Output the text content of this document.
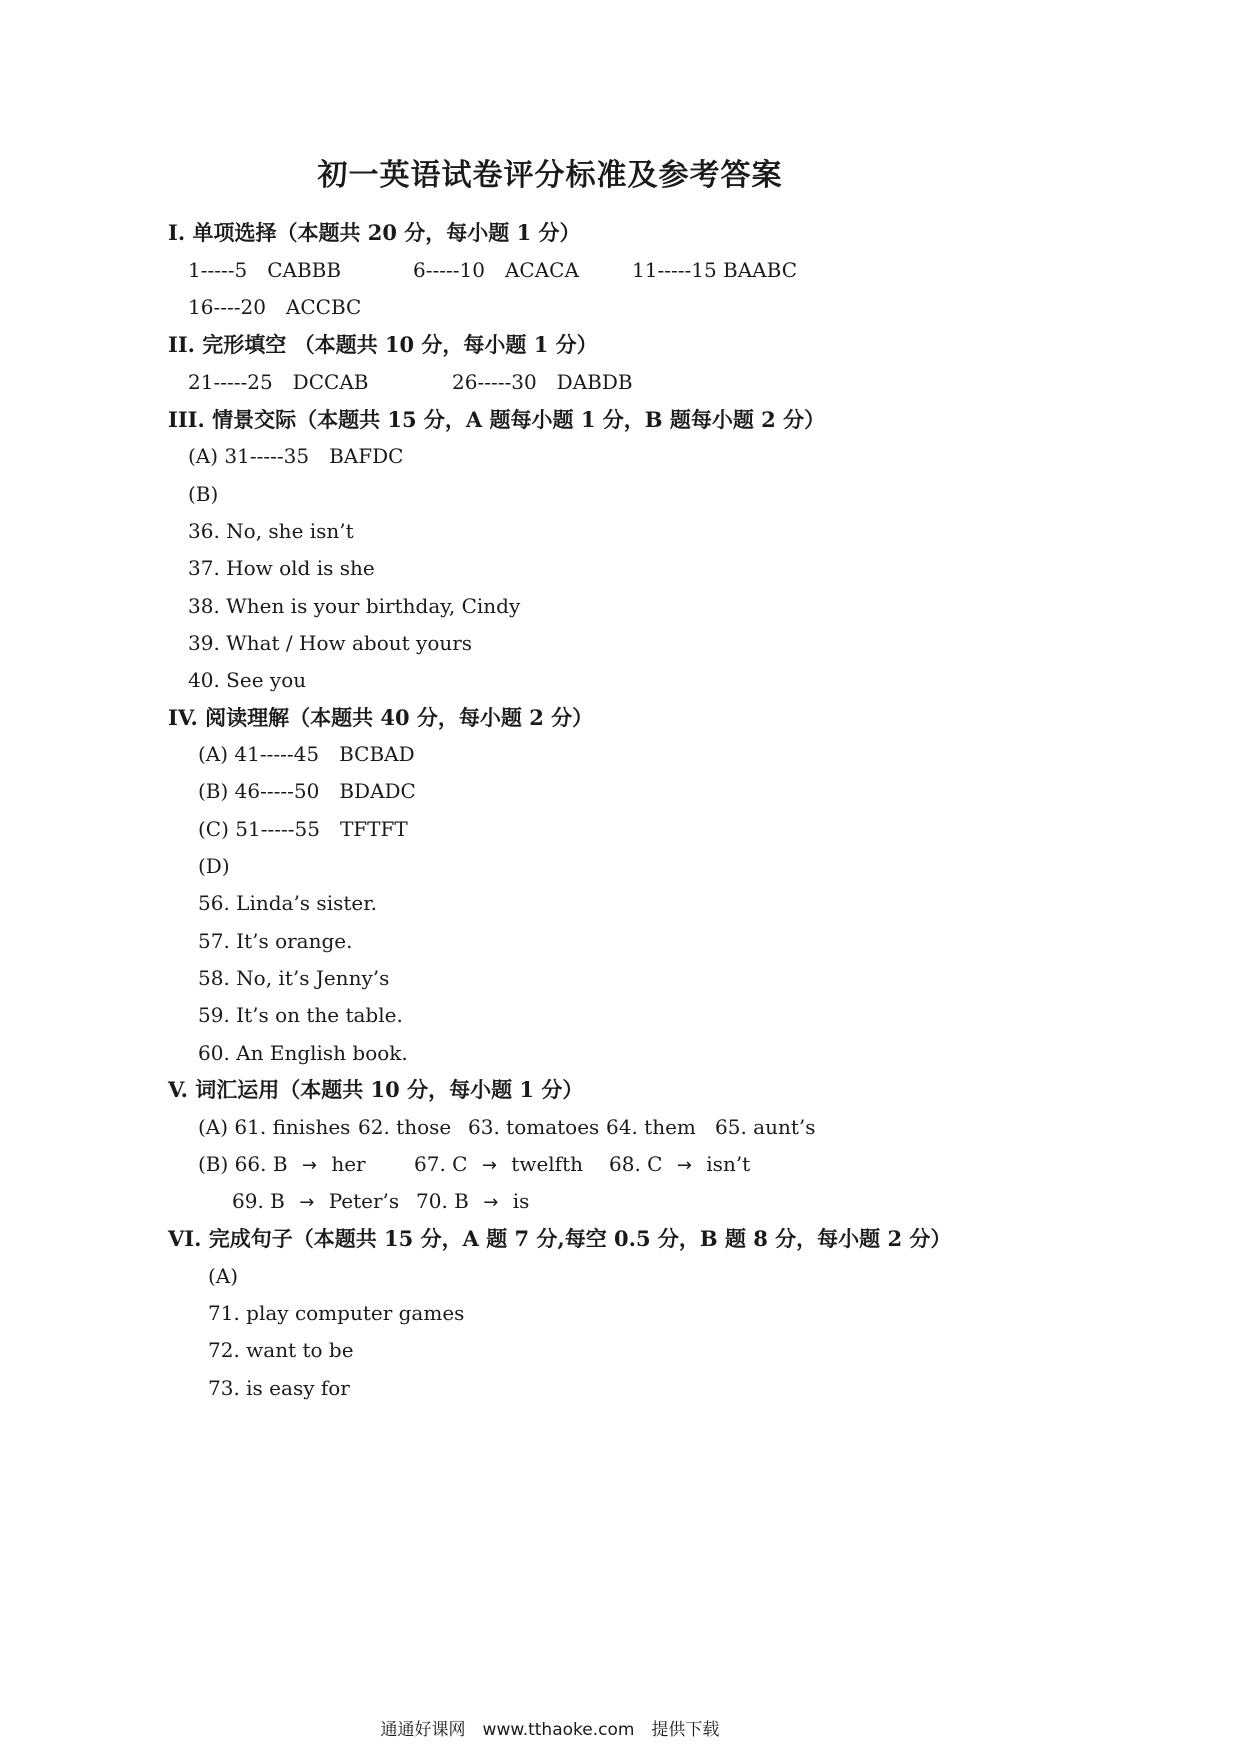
初一英语试卷评分标准及参考答案
I. 单项选择（本题共 20 分，每小题 1 分）
1-----5　CABBB	6-----10　ACACA	11-----15 BAABC
16----20　ACCBC
II. 完形填空 （本题共 10 分，每小题 1 分）
21-----25　DCCAB	26-----30　DABDB
III. 情景交际（本题共 15 分，A 题每小题 1 分，B 题每小题 2 分）
(A) 31-----35　BAFDC
(B)
36. No, she isn’t
37. How old is she
38. When is your birthday, Cindy
39. What / How about yours
40. See you
IV. 阅读理解（本题共 40 分，每小题 2 分）
(A) 41-----45　BCBAD
(B) 46-----50　BDADC
(C) 51-----55　TFTFT
(D)
56. Linda’s sister.
57. It’s orange.
58. No, it’s Jenny’s
59. It’s on the table.
60. An English book.
V. 词汇运用（本题共 10 分，每小题 1 分）
(A) 61. finishes 62. those 63. tomatoes 64. them 65. aunt’s
(B) 66. B → her 67. C → twelfth 68. C → isn’t
69. B → Peter’s 70. B → is
VI. 完成句子（本题共 15 分，A 题 7 分,每空 0.5 分，B 题 8 分，每小题 2 分）
(A)
71. play computer games
72. want to be
73. is easy for
通通好课网　www.tthaoke.com　提供下载
